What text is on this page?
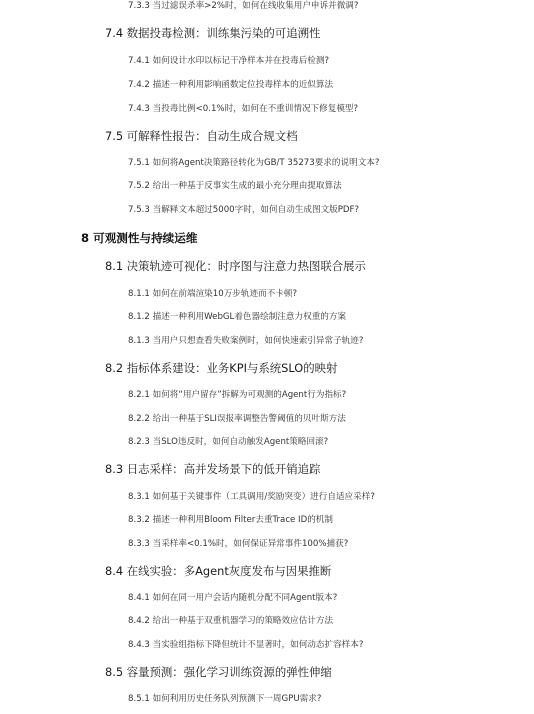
7.3.3 当过滤误杀率>2%时，如何在线收集用户申诉并微调?
7.4 数据投毒检测：训练集污染的可追溯性
7.4.1 如何设计水印以标记干净样本并在投毒后检测?
7.4.2 描述一种利用影响函数定位投毒样本的近似算法
7.4.3 当投毒比例<0.1%时，如何在不重训情况下修复模型?
7.5 可解释性报告：自动生成合规文档
7.5.1 如何将Agent决策路径转化为GB/T 35273要求的说明文本?
7.5.2 给出一种基于反事实生成的最小充分理由提取算法
7.5.3 当解释文本超过5000字时，如何自动生成图文版PDF?
8 可观测性与持续运维
8.1 决策轨迹可视化：时序图与注意力热图联合展示
8.1.1 如何在前端渲染10万步轨迹而不卡顿?
8.1.2 描述一种利用WebGL着色器绘制注意力权重的方案
8.1.3 当用户只想查看失败案例时，如何快速索引异常子轨迹?
8.2 指标体系建设：业务KPI与系统SLO的映射
8.2.1 如何将“用户留存”拆解为可观测的Agent行为指标?
8.2.2 给出一种基于SLI误报率调整告警阈值的贝叶斯方法
8.2.3 当SLO违反时，如何自动触发Agent策略回滚?
8.3 日志采样：高并发场景下的低开销追踪
8.3.1 如何基于关键事件（工具调用/奖励突变）进行自适应采样?
8.3.2 描述一种利用Bloom Filter去重Trace ID的机制
8.3.3 当采样率<0.1%时，如何保证异常事件100%捕获?
8.4 在线实验：多Agent灰度发布与因果推断
8.4.1 如何在同一用户会话内随机分配不同Agent版本?
8.4.2 给出一种基于双重机器学习的策略效应估计方法
8.4.3 当实验组指标下降但统计不显著时，如何动态扩容样本?
8.5 容量预测：强化学习训练资源的弹性伸缩
8.5.1 如何利用历史任务队列预测下一周GPU需求?
